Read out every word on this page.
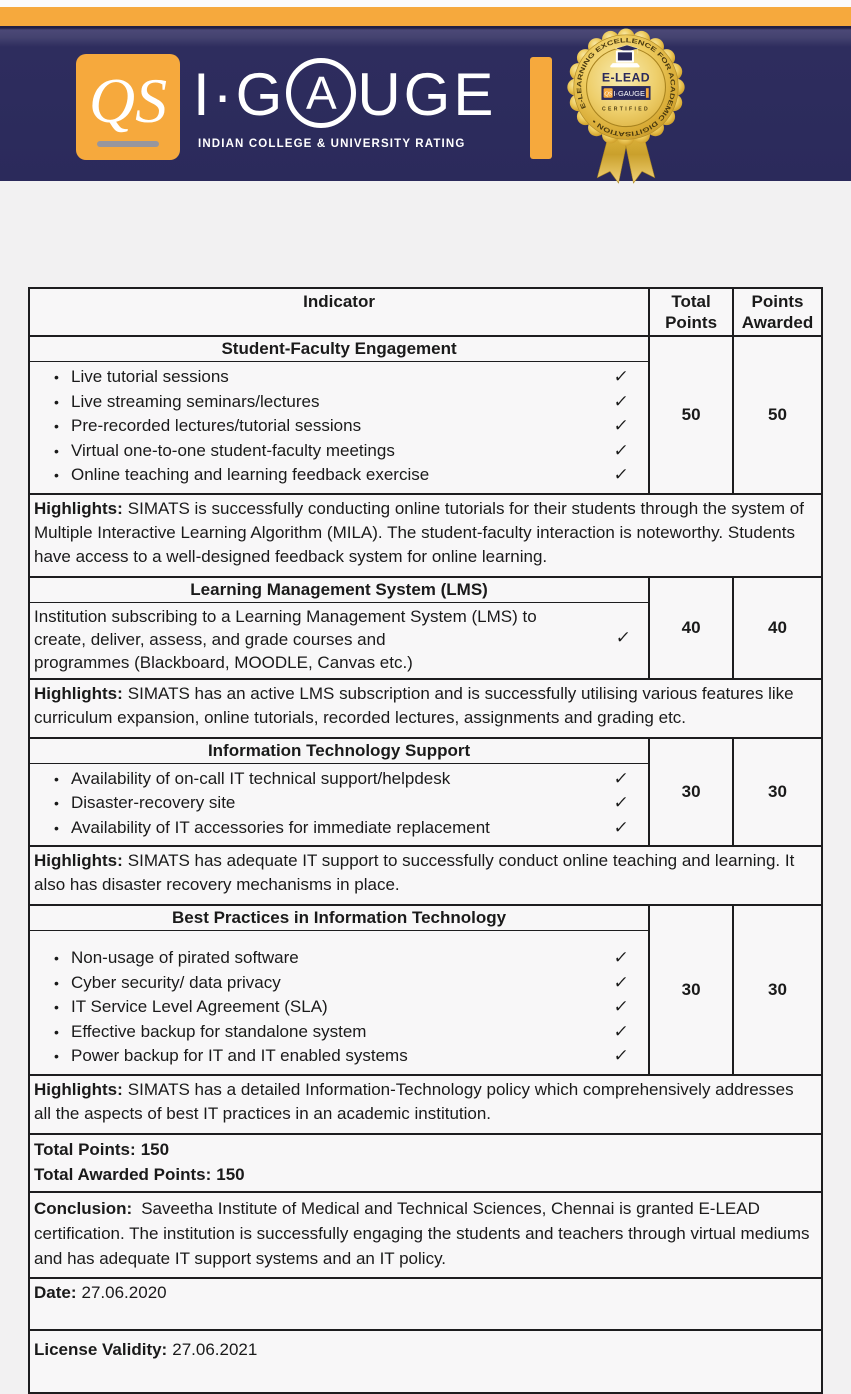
QS I·G A UGE
INDIAN COLLEGE & UNIVERSITY RATING
E-LEARNING EXCELLENCE FOR ACADEMIC DIGITISATION •
E-LEAD
QS I·GAUGE
CERTIFIED
Indicator	Total Points	Points Awarded
Student-Faculty Engagement	50	50

• Live tutorial sessions	✓
• Live streaming seminars/lectures	✓
• Pre-recorded lectures/tutorial sessions	✓
• Virtual one-to-one student-faculty meetings	✓
• Online teaching and learning feedback exercise	✓

Highlights: SIMATS is successfully conducting online tutorials for their students through the system of Multiple Interactive Learning Algorithm (MILA). The student-faculty interaction is noteworthy. Students have access to a well-designed feedback system for online learning.		
Learning Management System (LMS)	40	40

Institution subscribing to a Learning Management System (LMS) to
create, deliver, assess, and grade courses and
programmes (Blackboard, MOODLE, Canvas etc.)
✓		

Highlights: SIMATS has an active LMS subscription and is successfully utilising various features like curriculum expansion, online tutorials, recorded lectures, assignments and grading etc.		
Information Technology Support	30	30

• Availability of on-call IT technical support/helpdesk	✓
• Disaster-recovery site	✓
• Availability of IT accessories for immediate replacement	✓

Highlights: SIMATS has adequate IT support to successfully conduct online teaching and learning. It also has disaster recovery mechanisms in place.		
Best Practices in Information Technology	30	30

• Non-usage of pirated software	✓
• Cyber security/ data privacy	✓
• IT Service Level Agreement (SLA)	✓
• Effective backup for standalone system	✓
• Power backup for IT and IT enabled systems	✓

Highlights: SIMATS has a detailed Information-Technology policy which comprehensively addresses all the aspects of best IT practices in an academic institution.		

Total Points: 150
Total Awarded Points: 150		

Conclusion: Saveetha Institute of Medical and Technical Sciences, Chennai is granted E-LEAD certification. The institution is successfully engaging the students and teachers through virtual mediums and has adequate IT support systems and an IT policy.		
Date: 27.06.2020		
License Validity: 27.06.2021		
